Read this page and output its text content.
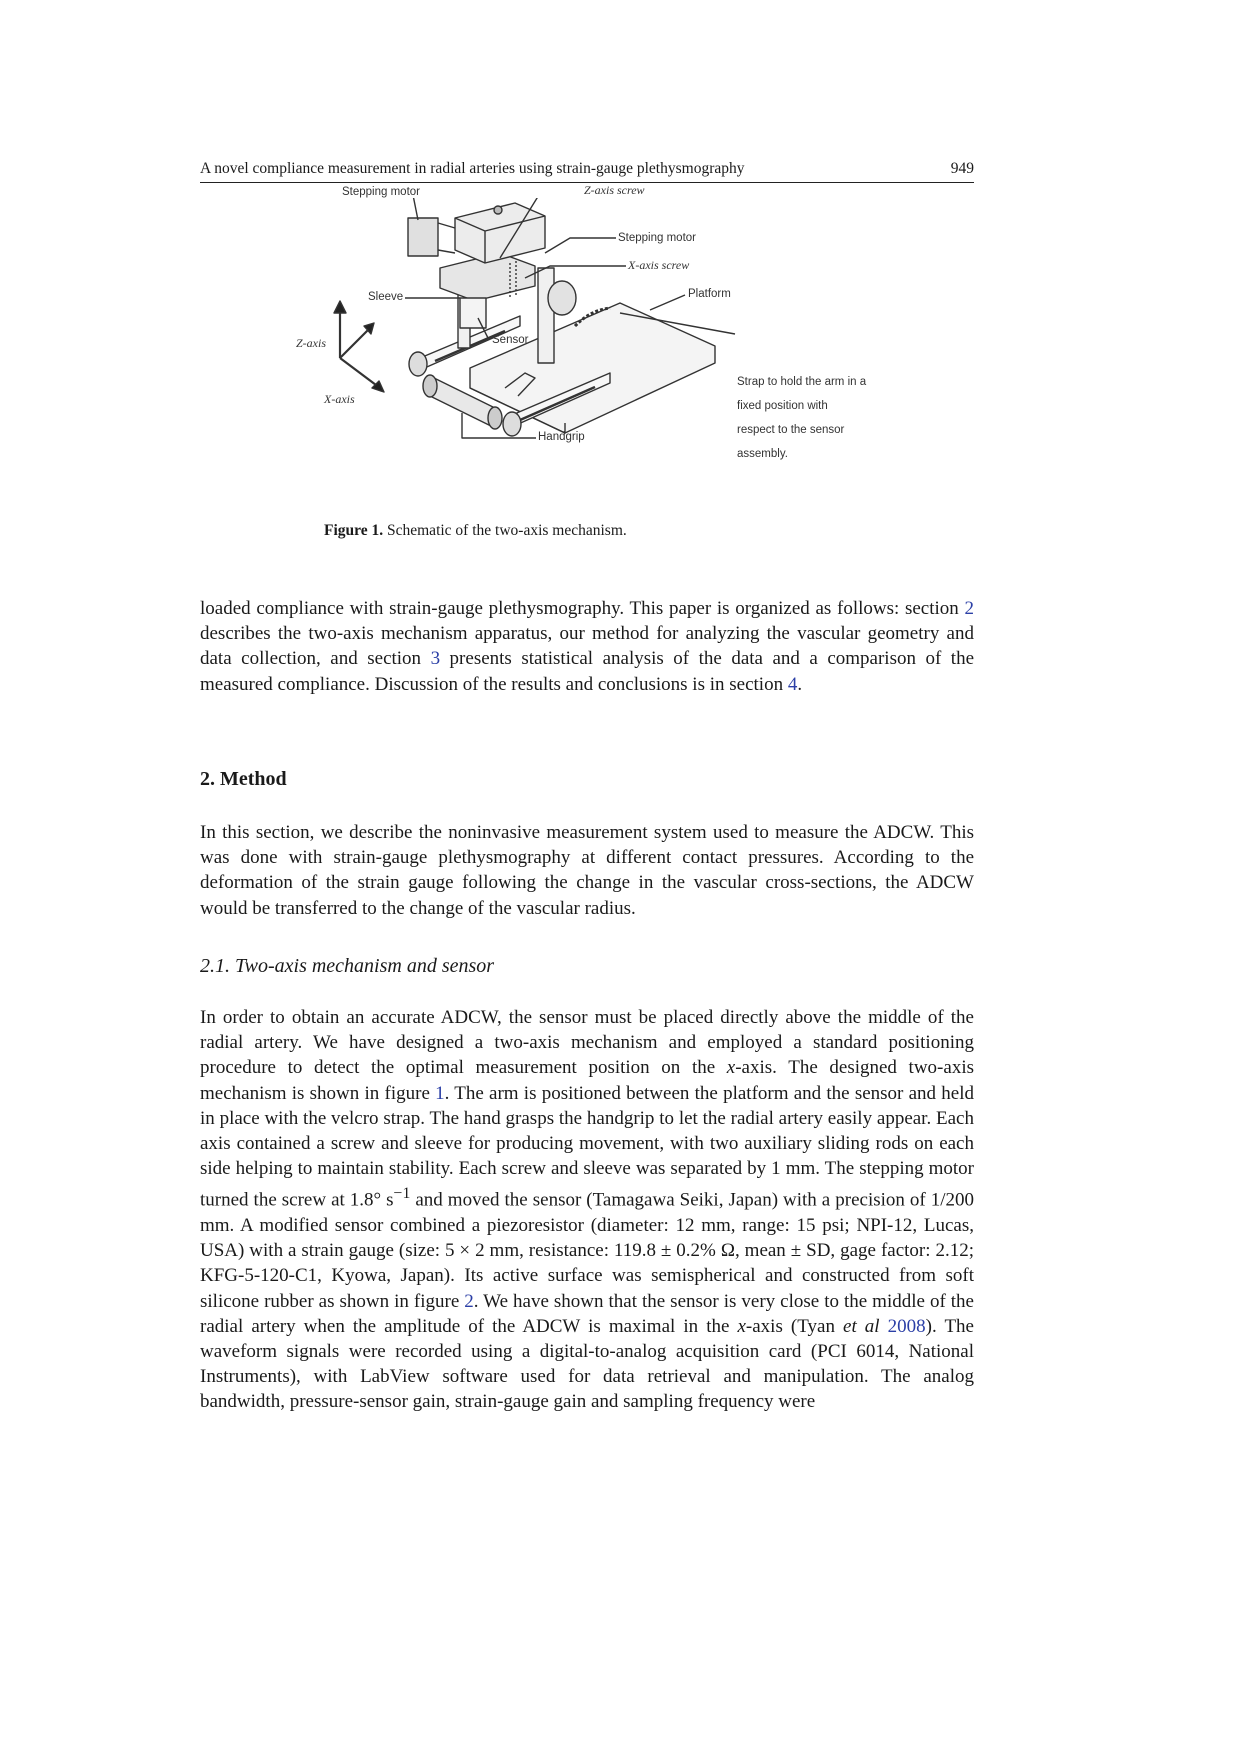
A novel compliance measurement in radial arteries using strain-gauge plethysmography	949
Stepping motor	Z-axis screw
Stepping motor
X-axis screw
Sleeve	Platform
Sensor
Z-axis
X-axis
Handgrip
Strap to hold the arm in a fixed position with respect to the sensor assembly.
Figure 1. Schematic of the two-axis mechanism.

loaded compliance with strain-gauge plethysmography. This paper is organized as follows: section 2 describes the two-axis mechanism apparatus, our method for analyzing the vascular geometry and data collection, and section 3 presents statistical analysis of the data and a comparison of the measured compliance. Discussion of the results and conclusions is in section 4.

2. Method

In this section, we describe the noninvasive measurement system used to measure the ADCW. This was done with strain-gauge plethysmography at different contact pressures. According to the deformation of the strain gauge following the change in the vascular cross-sections, the ADCW would be transferred to the change of the vascular radius.

2.1. Two-axis mechanism and sensor

In order to obtain an accurate ADCW, the sensor must be placed directly above the middle of the radial artery. We have designed a two-axis mechanism and employed a standard positioning procedure to detect the optimal measurement position on the x-axis. The designed two-axis mechanism is shown in figure 1. The arm is positioned between the platform and the sensor and held in place with the velcro strap. The hand grasps the handgrip to let the radial artery easily appear. Each axis contained a screw and sleeve for producing movement, with two auxiliary sliding rods on each side helping to maintain stability. Each screw and sleeve was separated by 1 mm. The stepping motor turned the screw at 1.8° $s^{-1}$ and moved the sensor (Tamagawa Seiki, Japan) with a precision of 1/200 mm. A modified sensor combined a piezoresistor (diameter: 12 mm, range: 15 psi; NPI-12, Lucas, USA) with a strain gauge (size: 5 × 2 mm, resistance: 119.8 ± 0.2% Ω, mean ± SD, gage factor: 2.12; KFG-5-120-C1, Kyowa, Japan). Its active surface was semispherical and constructed from soft silicone rubber as shown in figure 2. We have shown that the sensor is very close to the middle of the radial artery when the amplitude of the ADCW is maximal in the x-axis (Tyan et al 2008). The waveform signals were recorded using a digital-to-analog acquisition card (PCI 6014, National Instruments), with LabView software used for data retrieval and manipulation. The analog bandwidth, pressure-sensor gain, strain-gauge gain and sampling frequency were
